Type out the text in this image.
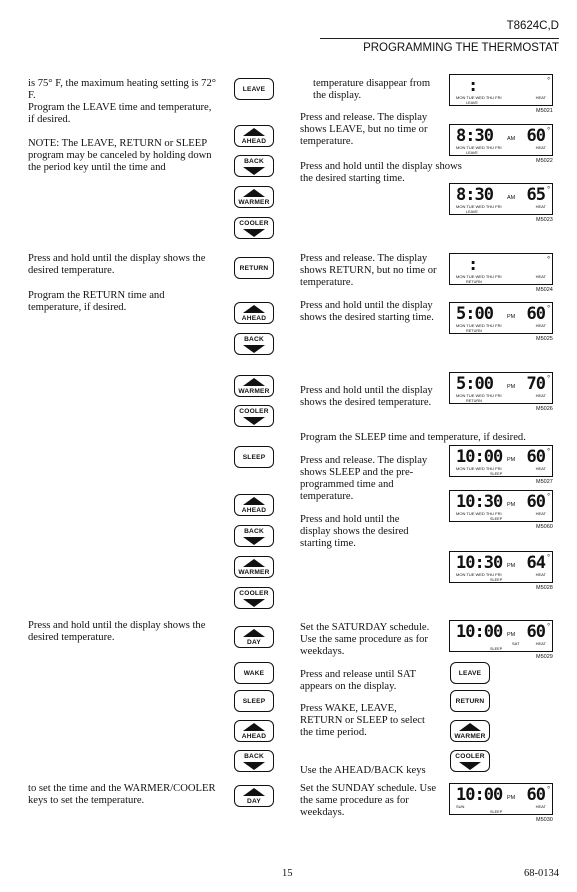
T8624C,D
PROGRAMMING THE THERMOSTAT
is 75° F, the maximum heating setting is 72° F.
Program the LEAVE time and temperature, if desired.
NOTE: The LEAVE, RETURN or SLEEP program may be canceled by holding down the period key until the time and
Press and hold until the display shows the desired temperature.
Program the RETURN time and temperature, if desired.
Press and hold until the display shows the desired temperature.
to set the time and the WARMER/COOLER keys to set the temperature.
LEAVE
AHEAD
BACK
WARMER
COOLER
RETURN
AHEAD
BACK
WARMER
COOLER
SLEEP
AHEAD
BACK
WARMER
COOLER
DAY
WAKE
SLEEP
AHEAD
BACK
DAY
LEAVE
RETURN
WARMER
COOLER
temperature disappear from the display.
Press and release. The display shows LEAVE, but no time or temperature.
Press and hold until the display shows the desired starting time.
Press and release. The display shows RETURN, but no time or temperature.
Press and hold until the display shows the desired starting time.
Press and hold until the display shows the desired temperature.
Program the SLEEP time and temperature, if desired.
Press and release. The display shows SLEEP and the pre-programmed time and temperature.
Press and hold until the display shows the desired starting time.
Set the SATURDAY schedule. Use the same procedure as for weekdays.
Press and release until SAT appears on the display.
Press WAKE, LEAVE, RETURN or SLEEP to select the time period.
Use the AHEAD/BACK keys
Set the SUNDAY schedule. Use the same procedure as for weekdays.
:	°
MON TUE WED THU FRI	HEAT
LEAVE
M5021
8:30	AM 60 °
MON TUE WED THU FRI	HEAT
LEAVE
M5022
8:30	AM 65 °
MON TUE WED THU FRI	HEAT
LEAVE
M5023
:	°
MON TUE WED THU FRI	HEAT
RETURN
M5024
5:00	PM 60 °
MON TUE WED THU FRI	HEAT
RETURN
M5025
5:00	PM 70 °
MON TUE WED THU FRI	HEAT
RETURN
M5026
10:00 PM 60 °
MON TUE WED THU FRI	HEAT
SLEEP
M5027
10:30 PM 60 °
MON TUE WED THU FRI	HEAT
SLEEP
M5060
10:30 PM 64 °
MON TUE WED THU FRI	HEAT
SLEEP
M5028
10:00 PM 60 °
SAT	HEAT
SLEEP
M5029
10:00 PM 60 °
SUN	HEAT
SLEEP
M5030
15	68-0134
